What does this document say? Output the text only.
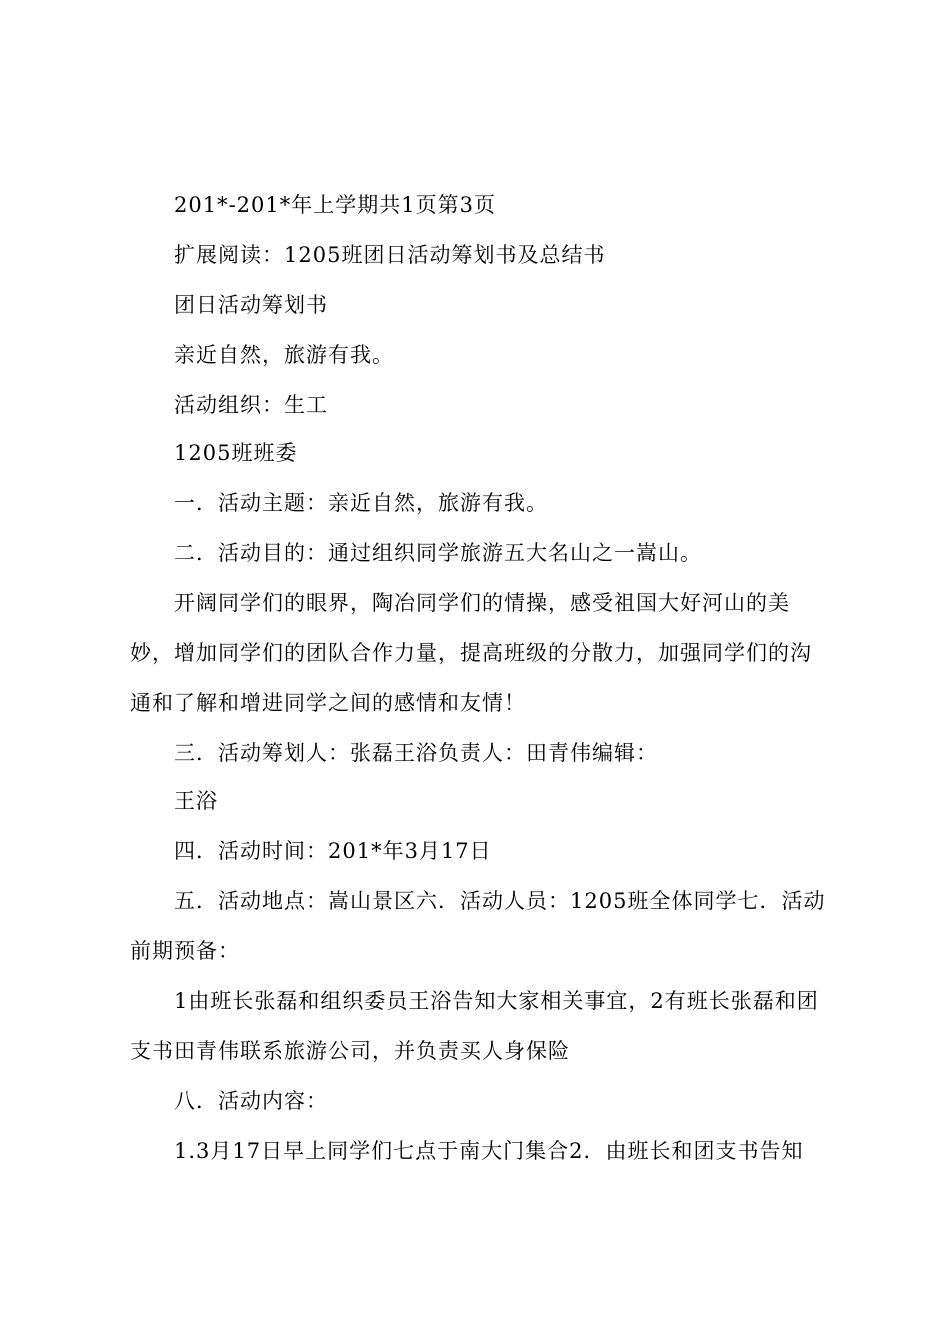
201*-201*年上学期共1页第3页
扩展阅读：1205班团日活动筹划书及总结书
团日活动筹划书
亲近自然，旅游有我。
活动组织：生工
1205班班委
一．活动主题：亲近自然，旅游有我。
二．活动目的：通过组织同学旅游五大名山之一嵩山。
开阔同学们的眼界，陶冶同学们的情操，感受祖国大好河山的美
妙，增加同学们的团队合作力量，提高班级的分散力，加强同学们的沟
通和了解和增进同学之间的感情和友情！
三．活动筹划人：张磊王浴负责人：田青伟编辑：
王浴
四．活动时间：201*年3月17日
五．活动地点：嵩山景区六．活动人员：1205班全体同学七．活动
前期预备：
1由班长张磊和组织委员王浴告知大家相关事宜，2有班长张磊和团
支书田青伟联系旅游公司，并负责买人身保险
八．活动内容：
1.3月17日早上同学们七点于南大门集合2．由班长和团支书告知
